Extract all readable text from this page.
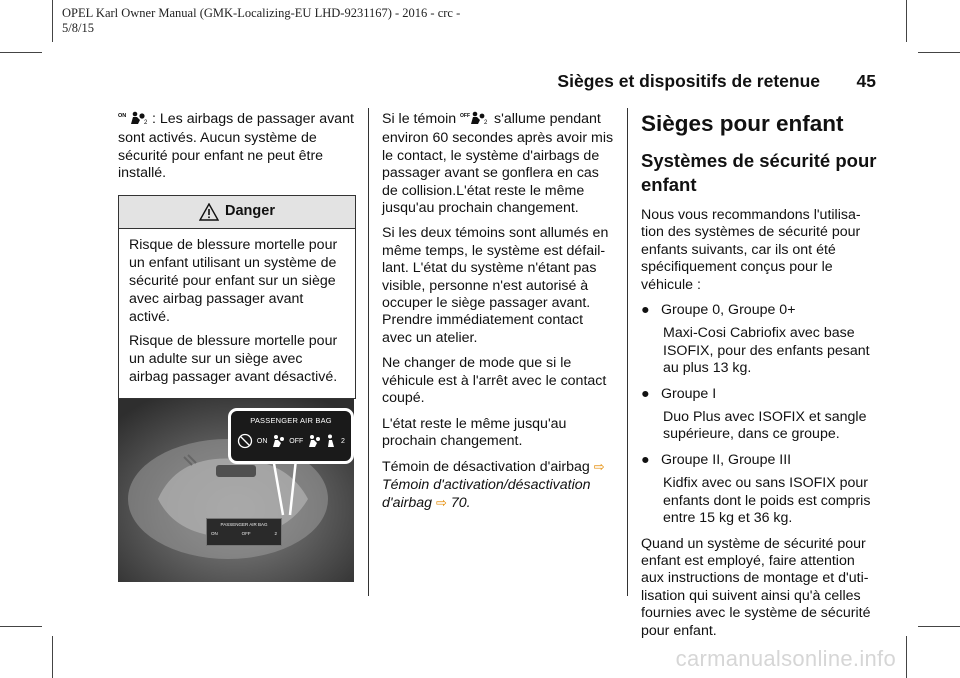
OPEL Karl Owner Manual (GMK-Localizing-EU LHD-9231167) - 2016 - crc -
5/8/15
Sièges et dispositifs de retenue	45

ON
2 : Les airbags de passager avant sont activés. Aucun système de sécurité pour enfant ne peut être installé.

Danger

Risque de blessure mortelle pour un enfant utilisant un système de sécurité pour enfant sur un siège avec airbag passager avant activé.

Risque de blessure mortelle pour un adulte sur un siège avec airbag passager avant désactivé.

PASSENGER AIR BAG
ON	OFF	2
PASSENGER AIR BAG
ON	OFF	2

Si le témoin OFF
2 s'allume pendant environ 60 secondes après avoir mis le contact, le système d'airbags de passager avant se gonflera en cas de collision.L'état reste le même jusqu'au prochain changement.

Si les deux témoins sont allumés en même temps, le système est défail-lant. L'état du système n'étant pas visible, personne n'est autorisé à occuper le siège passager avant. Prendre immédiatement contact avec un atelier.

Ne changer de mode que si le véhicule est à l'arrêt avec le contact coupé.

L'état reste le même jusqu'au prochain changement.

Témoin de désactivation d'airbag ⇨
Témoin d'activation/désactivation d'airbag ⇨ 70.

Sièges pour enfant
Systèmes de sécurité pour enfant

Nous vous recommandons l'utilisa-tion des systèmes de sécurité pour enfants suivants, car ils ont été spécifiquement conçus pour le véhicule :

● Groupe 0, Groupe 0+

Maxi-Cosi Cabriofix avec base ISOFIX, pour des enfants pesant au plus 13 kg.

● Groupe I

Duo Plus avec ISOFIX et sangle supérieure, dans ce groupe.

● Groupe II, Groupe III

Kidfix avec ou sans ISOFIX pour enfants dont le poids est compris entre 15 kg et 36 kg.

Quand un système de sécurité pour enfant est employé, faire attention aux instructions de montage et d'uti-lisation qui suivent ainsi qu'à celles fournies avec le système de sécurité pour enfant.

carmanualsonline.info
